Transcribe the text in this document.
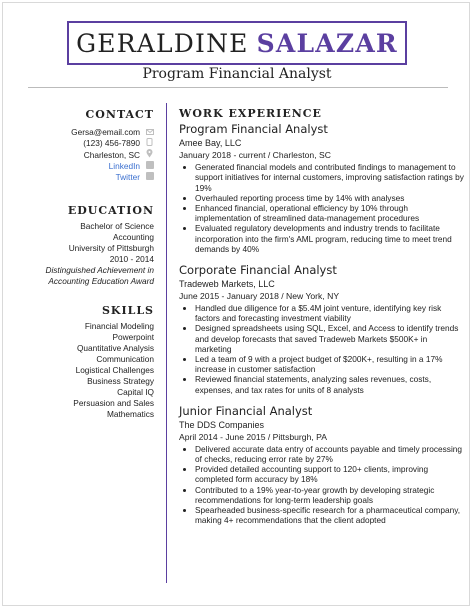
GERALDINE SALAZAR
Program Financial Analyst
CONTACT
Gersa@email.com
(123) 456-7890
Charleston, SC
LinkedIn
Twitter
EDUCATION
Bachelor of Science
Accounting
University of Pittsburgh
2010 - 2014
Distinguished Achievement in
Accounting Education Award
SKILLS
Financial Modeling
Powerpoint
Quantitative Analysis
Communication
Logistical Challenges
Business Strategy
Capital IQ
Persuasion and Sales
Mathematics
WORK EXPERIENCE
Program Financial Analyst
Amee Bay, LLC
January 2018 - current / Charleston, SC
• Generated financial models and contributed findings to management to support initiatives for internal customers, improving satisfaction ratings by 19%
• Overhauled reporting process time by 14% with analyses
• Enhanced financial, operational efficiency by 10% through implementation of streamlined data-management procedures
• Evaluated regulatory developments and industry trends to facilitate incorporation into the firm's AML program, reducing time to meet trend demands by 40%
Corporate Financial Analyst
Tradeweb Markets, LLC
June 2015 - January 2018 / New York, NY
• Handled due diligence for a $5.4M joint venture, identifying key risk factors and forecasting investment viability
• Designed spreadsheets using SQL, Excel, and Access to identify trends and develop forecasts that saved Tradeweb Markets $500K+ in marketing
• Led a team of 9 with a project budget of $200K+, resulting in a 17% increase in customer satisfaction
• Reviewed financial statements, analyzing sales revenues, costs, expenses, and tax rates for units of 8 analysts
Junior Financial Analyst
The DDS Companies
April 2014 - June 2015 / Pittsburgh, PA
• Delivered accurate data entry of accounts payable and timely processing of checks, reducing error rate by 27%
• Provided detailed accounting support to 120+ clients, improving completed form accuracy by 18%
• Contributed to a 19% year-to-year growth by developing strategic recommendations for long-term leadership goals
• Spearheaded business-specific research for a pharmaceutical company, making 4+ recommendations that the client adopted
